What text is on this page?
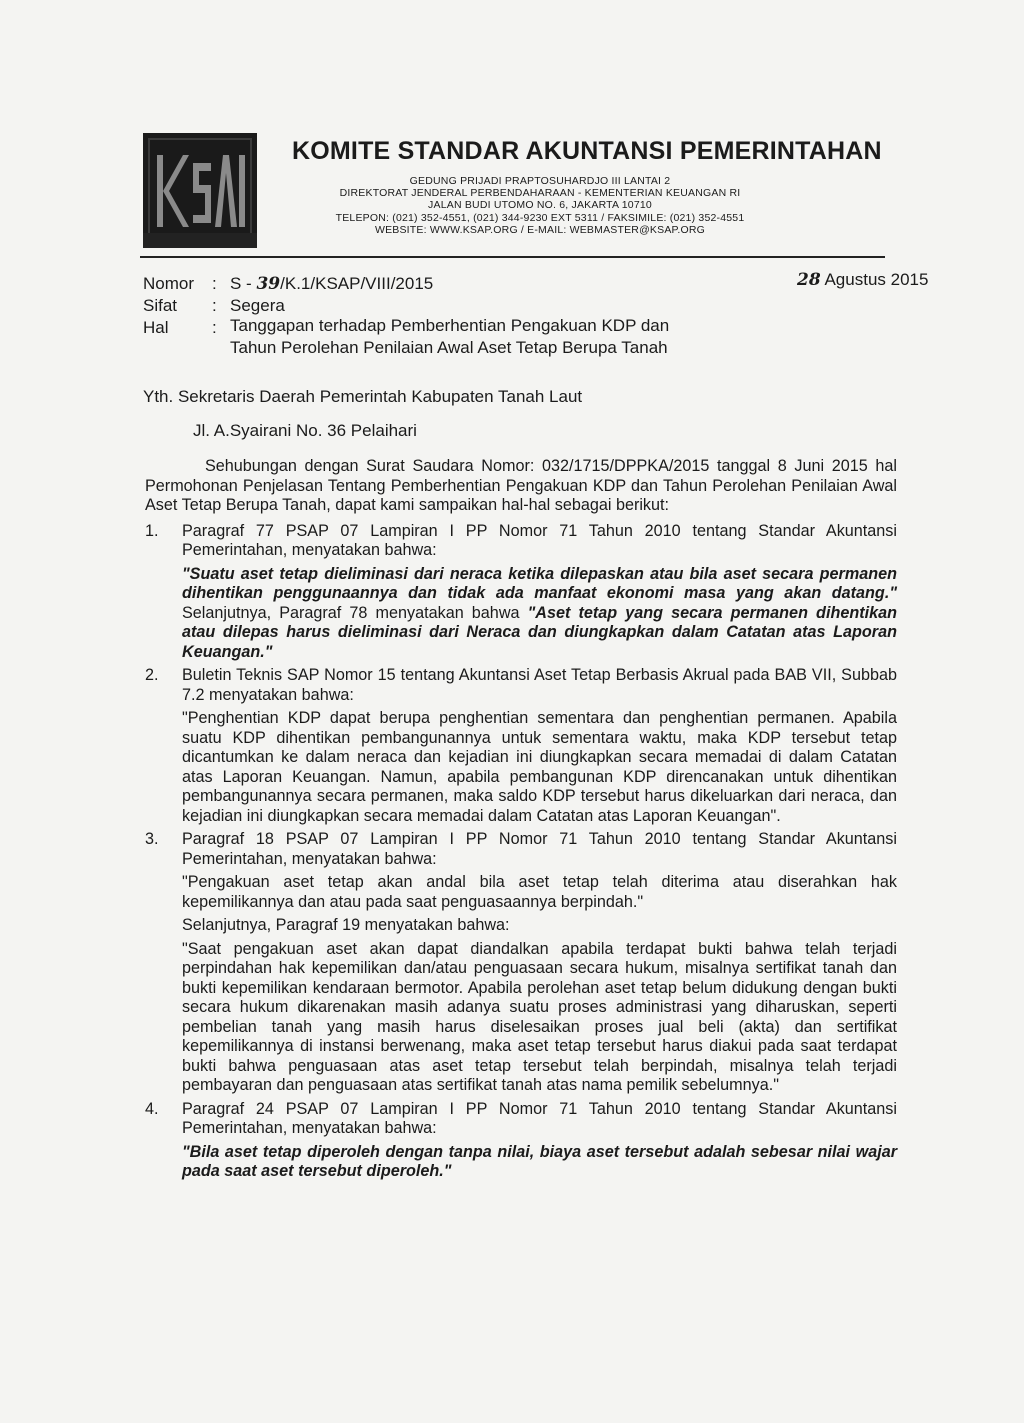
KOMITE STANDAR AKUNTANSI PEMERINTAHAN
GEDUNG PRIJADI PRAPTOSUHARDJO III LANTAI 2
DIREKTORAT JENDERAL PERBENDAHARAAN - KEMENTERIAN KEUANGAN RI
JALAN BUDI UTOMO NO. 6, JAKARTA 10710
TELEPON: (021) 352-4551, (021) 344-9230 EXT 5311 / FAKSIMILE: (021) 352-4551
WEBSITE: WWW.KSAP.ORG / E-MAIL: WEBMASTER@KSAP.ORG
Nomor : S - 39/K.1/KSAP/VIII/2015	28 Agustus 2015
Sifat : Segera
Hal	: Tanggapan terhadap Pemberhentian Pengakuan KDP dan
Tahun Perolehan Penilaian Awal Aset Tetap Berupa Tanah
Yth. Sekretaris Daerah Pemerintah Kabupaten Tanah Laut
Jl. A.Syairani No. 36 Pelaihari

Sehubungan dengan Surat Saudara Nomor: 032/1715/DPPKA/2015 tanggal 8 Juni 2015 hal Permohonan Penjelasan Tentang Pemberhentian Pengakuan KDP dan Tahun Perolehan Penilaian Awal Aset Tetap Berupa Tanah, dapat kami sampaikan hal-hal sebagai berikut:

1. Paragraf 77 PSAP 07 Lampiran I PP Nomor 71 Tahun 2010 tentang Standar Akuntansi Pemerintahan, menyatakan bahwa:

"Suatu aset tetap dieliminasi dari neraca ketika dilepaskan atau bila aset secara permanen dihentikan penggunaannya dan tidak ada manfaat ekonomi masa yang akan datang." Selanjutnya, Paragraf 78 menyatakan bahwa "Aset tetap yang secara permanen dihentikan atau dilepas harus dieliminasi dari Neraca dan diungkapkan dalam Catatan atas Laporan Keuangan."

2. Buletin Teknis SAP Nomor 15 tentang Akuntansi Aset Tetap Berbasis Akrual pada BAB VII, Subbab 7.2 menyatakan bahwa:

"Penghentian KDP dapat berupa penghentian sementara dan penghentian permanen. Apabila suatu KDP dihentikan pembangunannya untuk sementara waktu, maka KDP tersebut tetap dicantumkan ke dalam neraca dan kejadian ini diungkapkan secara memadai di dalam Catatan atas Laporan Keuangan. Namun, apabila pembangunan KDP direncanakan untuk dihentikan pembangunannya secara permanen, maka saldo KDP tersebut harus dikeluarkan dari neraca, dan kejadian ini diungkapkan secara memadai dalam Catatan atas Laporan Keuangan".

3. Paragraf 18 PSAP 07 Lampiran I PP Nomor 71 Tahun 2010 tentang Standar Akuntansi Pemerintahan, menyatakan bahwa:

"Pengakuan aset tetap akan andal bila aset tetap telah diterima atau diserahkan hak kepemilikannya dan atau pada saat penguasaannya berpindah."

Selanjutnya, Paragraf 19 menyatakan bahwa:

"Saat pengakuan aset akan dapat diandalkan apabila terdapat bukti bahwa telah terjadi perpindahan hak kepemilikan dan/atau penguasaan secara hukum, misalnya sertifikat tanah dan bukti kepemilikan kendaraan bermotor. Apabila perolehan aset tetap belum didukung dengan bukti secara hukum dikarenakan masih adanya suatu proses administrasi yang diharuskan, seperti pembelian tanah yang masih harus diselesaikan proses jual beli (akta) dan sertifikat kepemilikannya di instansi berwenang, maka aset tetap tersebut harus diakui pada saat terdapat bukti bahwa penguasaan atas aset tetap tersebut telah berpindah, misalnya telah terjadi pembayaran dan penguasaan atas sertifikat tanah atas nama pemilik sebelumnya."

4. Paragraf 24 PSAP 07 Lampiran I PP Nomor 71 Tahun 2010 tentang Standar Akuntansi Pemerintahan, menyatakan bahwa:

"Bila aset tetap diperoleh dengan tanpa nilai, biaya aset tersebut adalah sebesar nilai wajar pada saat aset tersebut diperoleh."
